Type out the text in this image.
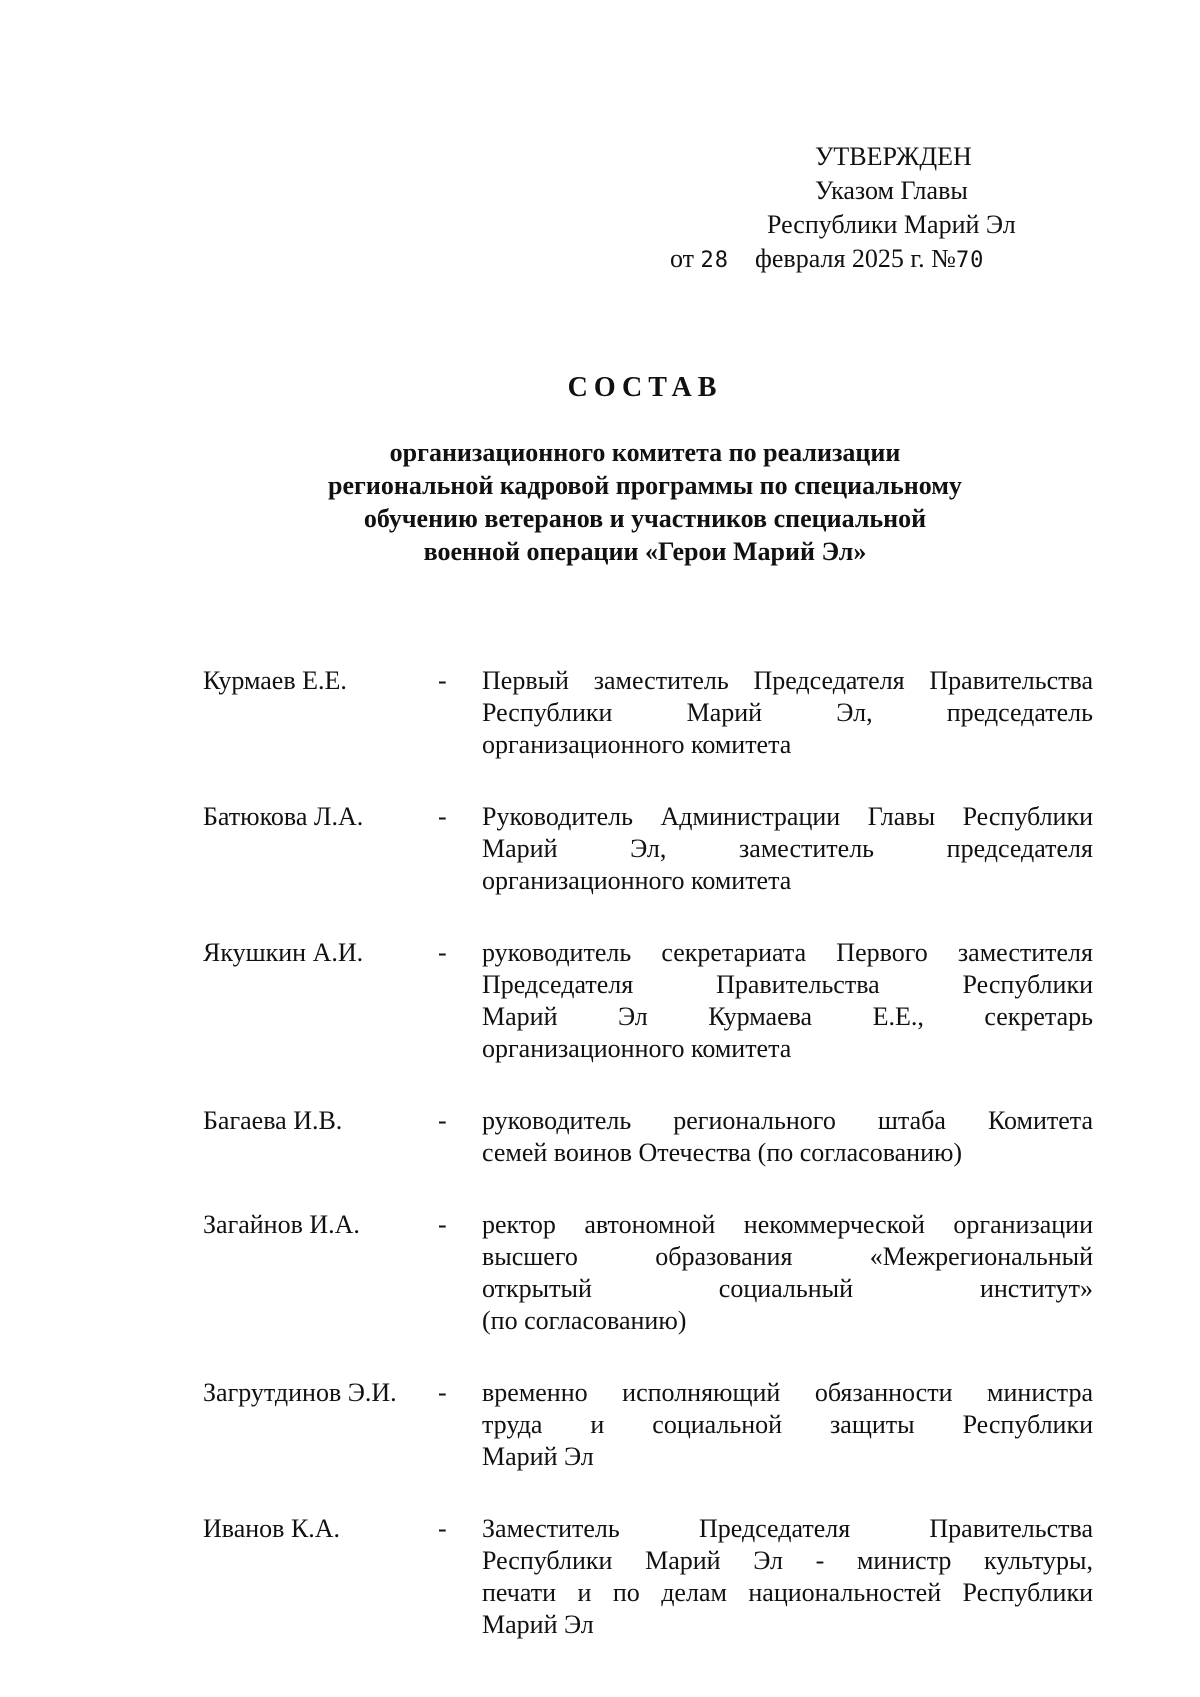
УТВЕРЖДЕН
Указом Главы
Республики Марий Эл
от 28 февраля 2025 г. №70
СОСТАВ
организационного комитета по реализации
региональной кадровой программы по специальному
обучению ветеранов и участников специальной
военной операции «Герои Марий Эл»
Курмаев Е.Е.	-	Первый заместитель Председателя Правительства
Республики Марий Эл, председатель
организационного комитета
Батюкова Л.А.	-	Руководитель Администрации Главы Республики
Марий Эл, заместитель председателя
организационного комитета
Якушкин А.И.	-	руководитель секретариата Первого заместителя
Председателя Правительства Республики
Марий Эл Курмаева Е.Е., секретарь
организационного комитета
Багаева И.В.	-	руководитель регионального штаба Комитета
семей воинов Отечества (по согласованию)
Загайнов И.А.	-	ректор автономной некоммерческой организации
высшего образования «Межрегиональный
открытый социальный институт»
(по согласованию)
Загрутдинов Э.И.	-	временно исполняющий обязанности министра
труда и социальной защиты Республики
Марий Эл
Иванов К.А.	-	Заместитель Председателя Правительства
Республики Марий Эл - министр культуры,
печати и по делам национальностей Республики
Марий Эл
